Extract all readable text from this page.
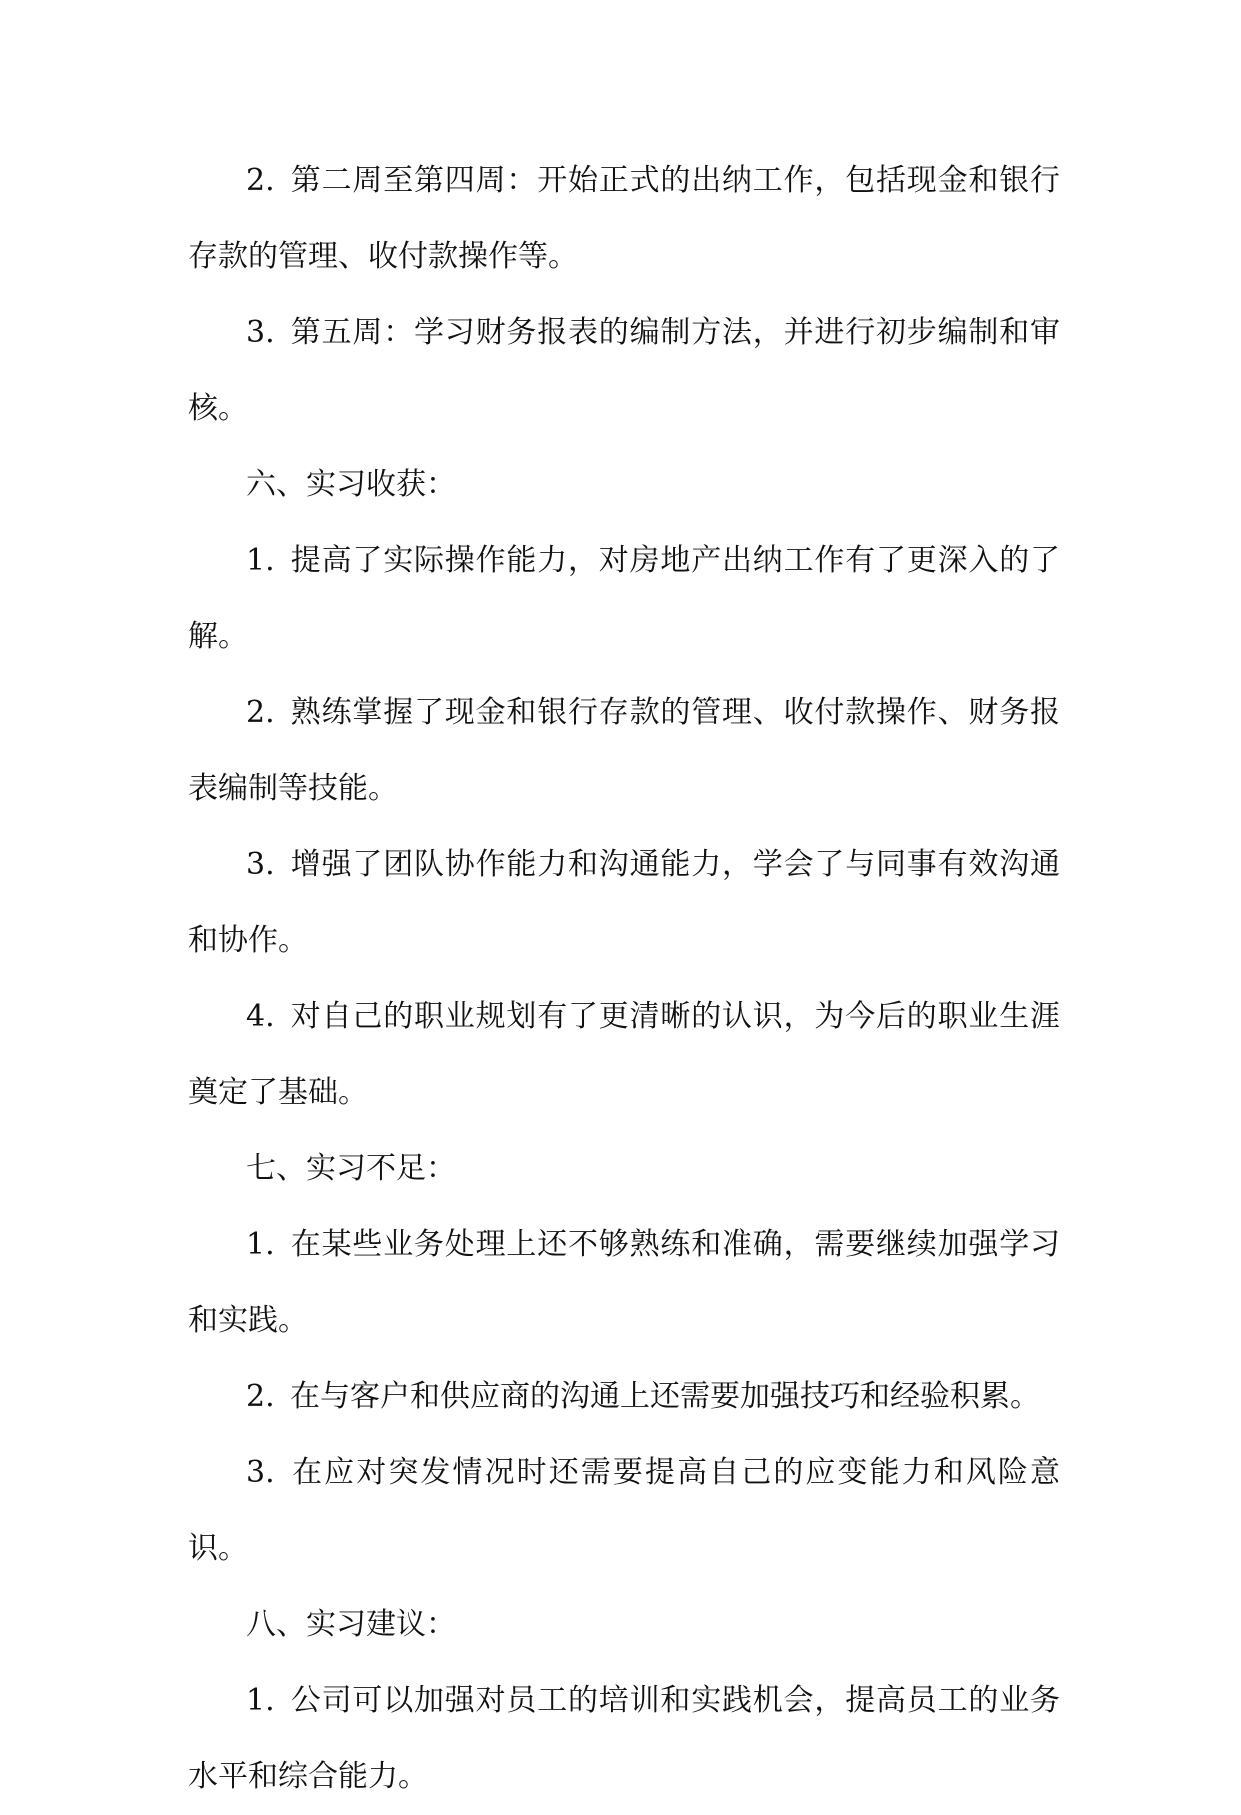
2. 第二周至第四周：开始正式的出纳工作，包括现金和银行存款的管理、收付款操作等。

3. 第五周：学习财务报表的编制方法，并进行初步编制和审核。

六、实习收获：

1. 提高了实际操作能力，对房地产出纳工作有了更深入的了解。

2. 熟练掌握了现金和银行存款的管理、收付款操作、财务报表编制等技能。

3. 增强了团队协作能力和沟通能力，学会了与同事有效沟通和协作。

4. 对自己的职业规划有了更清晰的认识，为今后的职业生涯奠定了基础。

七、实习不足：

1. 在某些业务处理上还不够熟练和准确，需要继续加强学习和实践。

2. 在与客户和供应商的沟通上还需要加强技巧和经验积累。

3. 在应对突发情况时还需要提高自己的应变能力和风险意识。

八、实习建议：

1. 公司可以加强对员工的培训和实践机会，提高员工的业务水平和综合能力。
